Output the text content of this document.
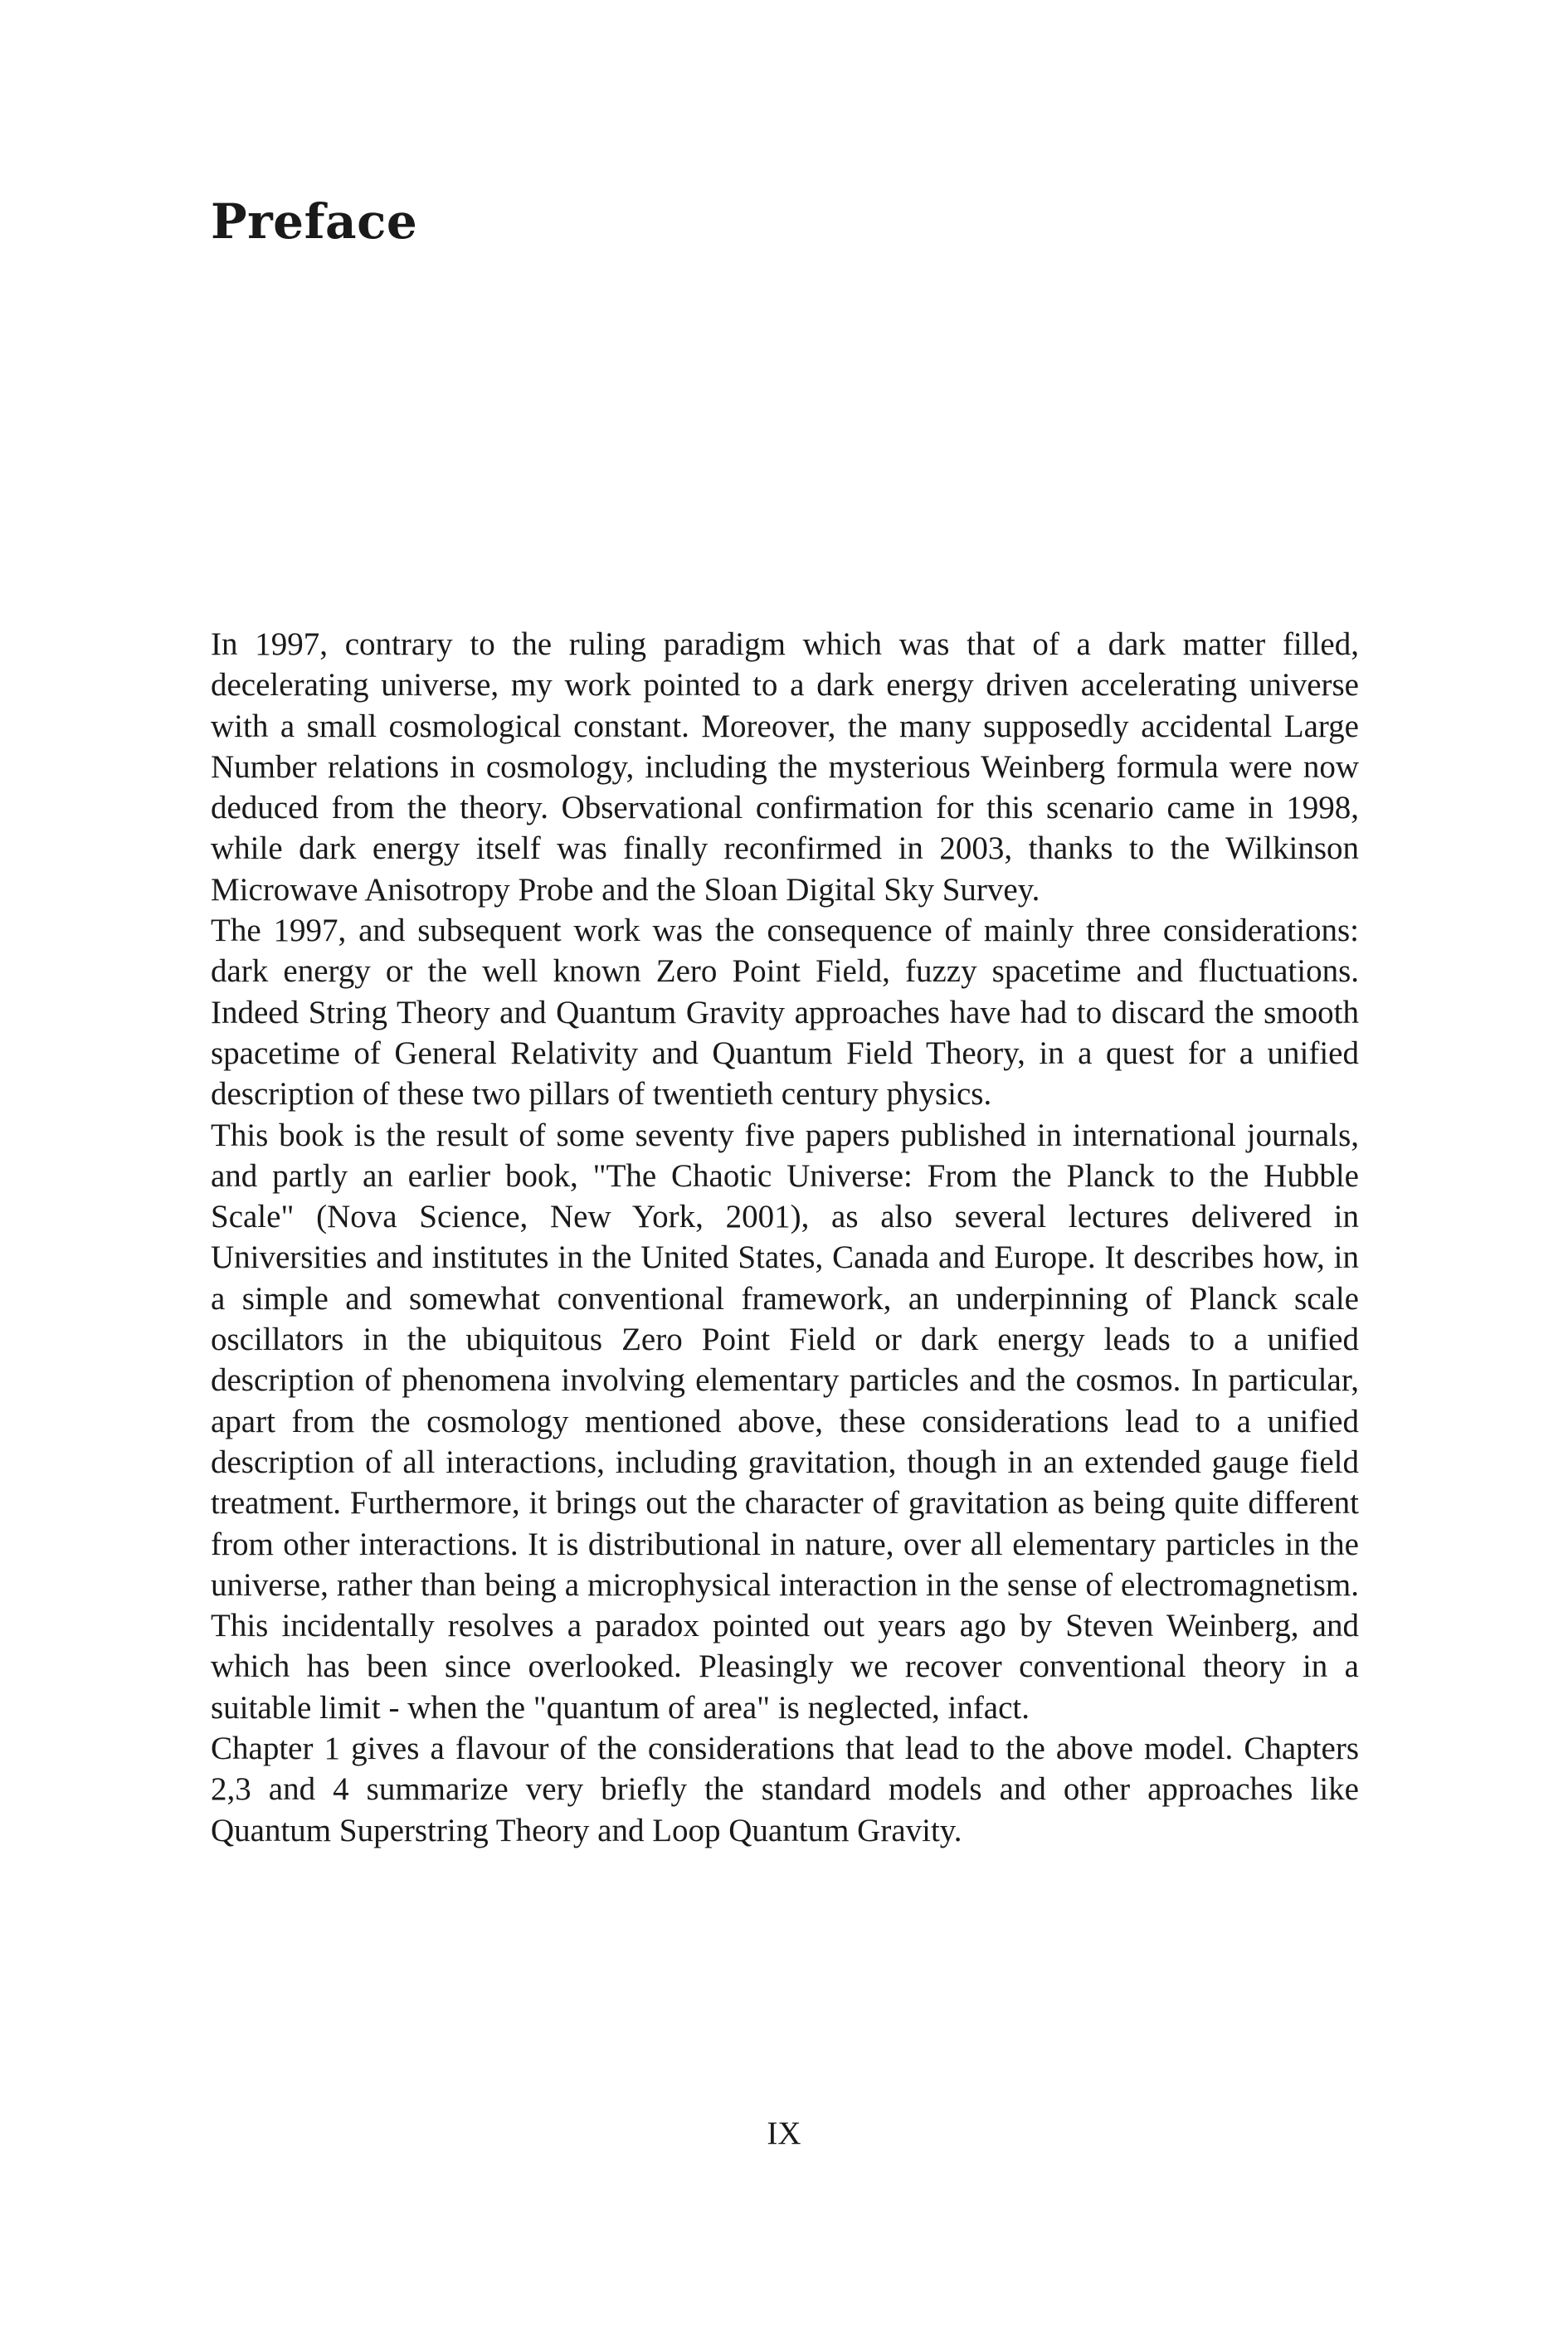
Preface

In 1997, contrary to the ruling paradigm which was that of a dark matter filled, decelerating universe, my work pointed to a dark energy driven accelerating universe with a small cosmological constant. Moreover, the many supposedly accidental Large Number relations in cosmology, including the mysterious Weinberg formula were now deduced from the theory. Observational confirmation for this scenario came in 1998, while dark energy itself was finally reconfirmed in 2003, thanks to the Wilkinson Microwave Anisotropy Probe and the Sloan Digital Sky Survey.

The 1997, and subsequent work was the consequence of mainly three considerations: dark energy or the well known Zero Point Field, fuzzy spacetime and fluctuations. Indeed String Theory and Quantum Gravity approaches have had to discard the smooth spacetime of General Relativity and Quantum Field Theory, in a quest for a unified description of these two pillars of twentieth century physics.

This book is the result of some seventy five papers published in international journals, and partly an earlier book, "The Chaotic Universe: From the Planck to the Hubble Scale" (Nova Science, New York, 2001), as also several lectures delivered in Universities and institutes in the United States, Canada and Europe. It describes how, in a simple and somewhat conventional framework, an underpinning of Planck scale oscillators in the ubiquitous Zero Point Field or dark energy leads to a unified description of phenomena involving elementary particles and the cosmos. In particular, apart from the cosmology mentioned above, these considerations lead to a unified description of all interactions, including gravitation, though in an extended gauge field treatment. Furthermore, it brings out the character of gravitation as being quite different from other interactions. It is distributional in nature, over all elementary particles in the universe, rather than being a microphysical interaction in the sense of electromagnetism. This incidentally resolves a paradox pointed out years ago by Steven Weinberg, and which has been since overlooked. Pleasingly we recover conventional theory in a suitable limit - when the "quantum of area" is neglected, infact.

Chapter 1 gives a flavour of the considerations that lead to the above model. Chapters 2,3 and 4 summarize very briefly the standard models and other approaches like Quantum Superstring Theory and Loop Quantum Gravity.

IX
